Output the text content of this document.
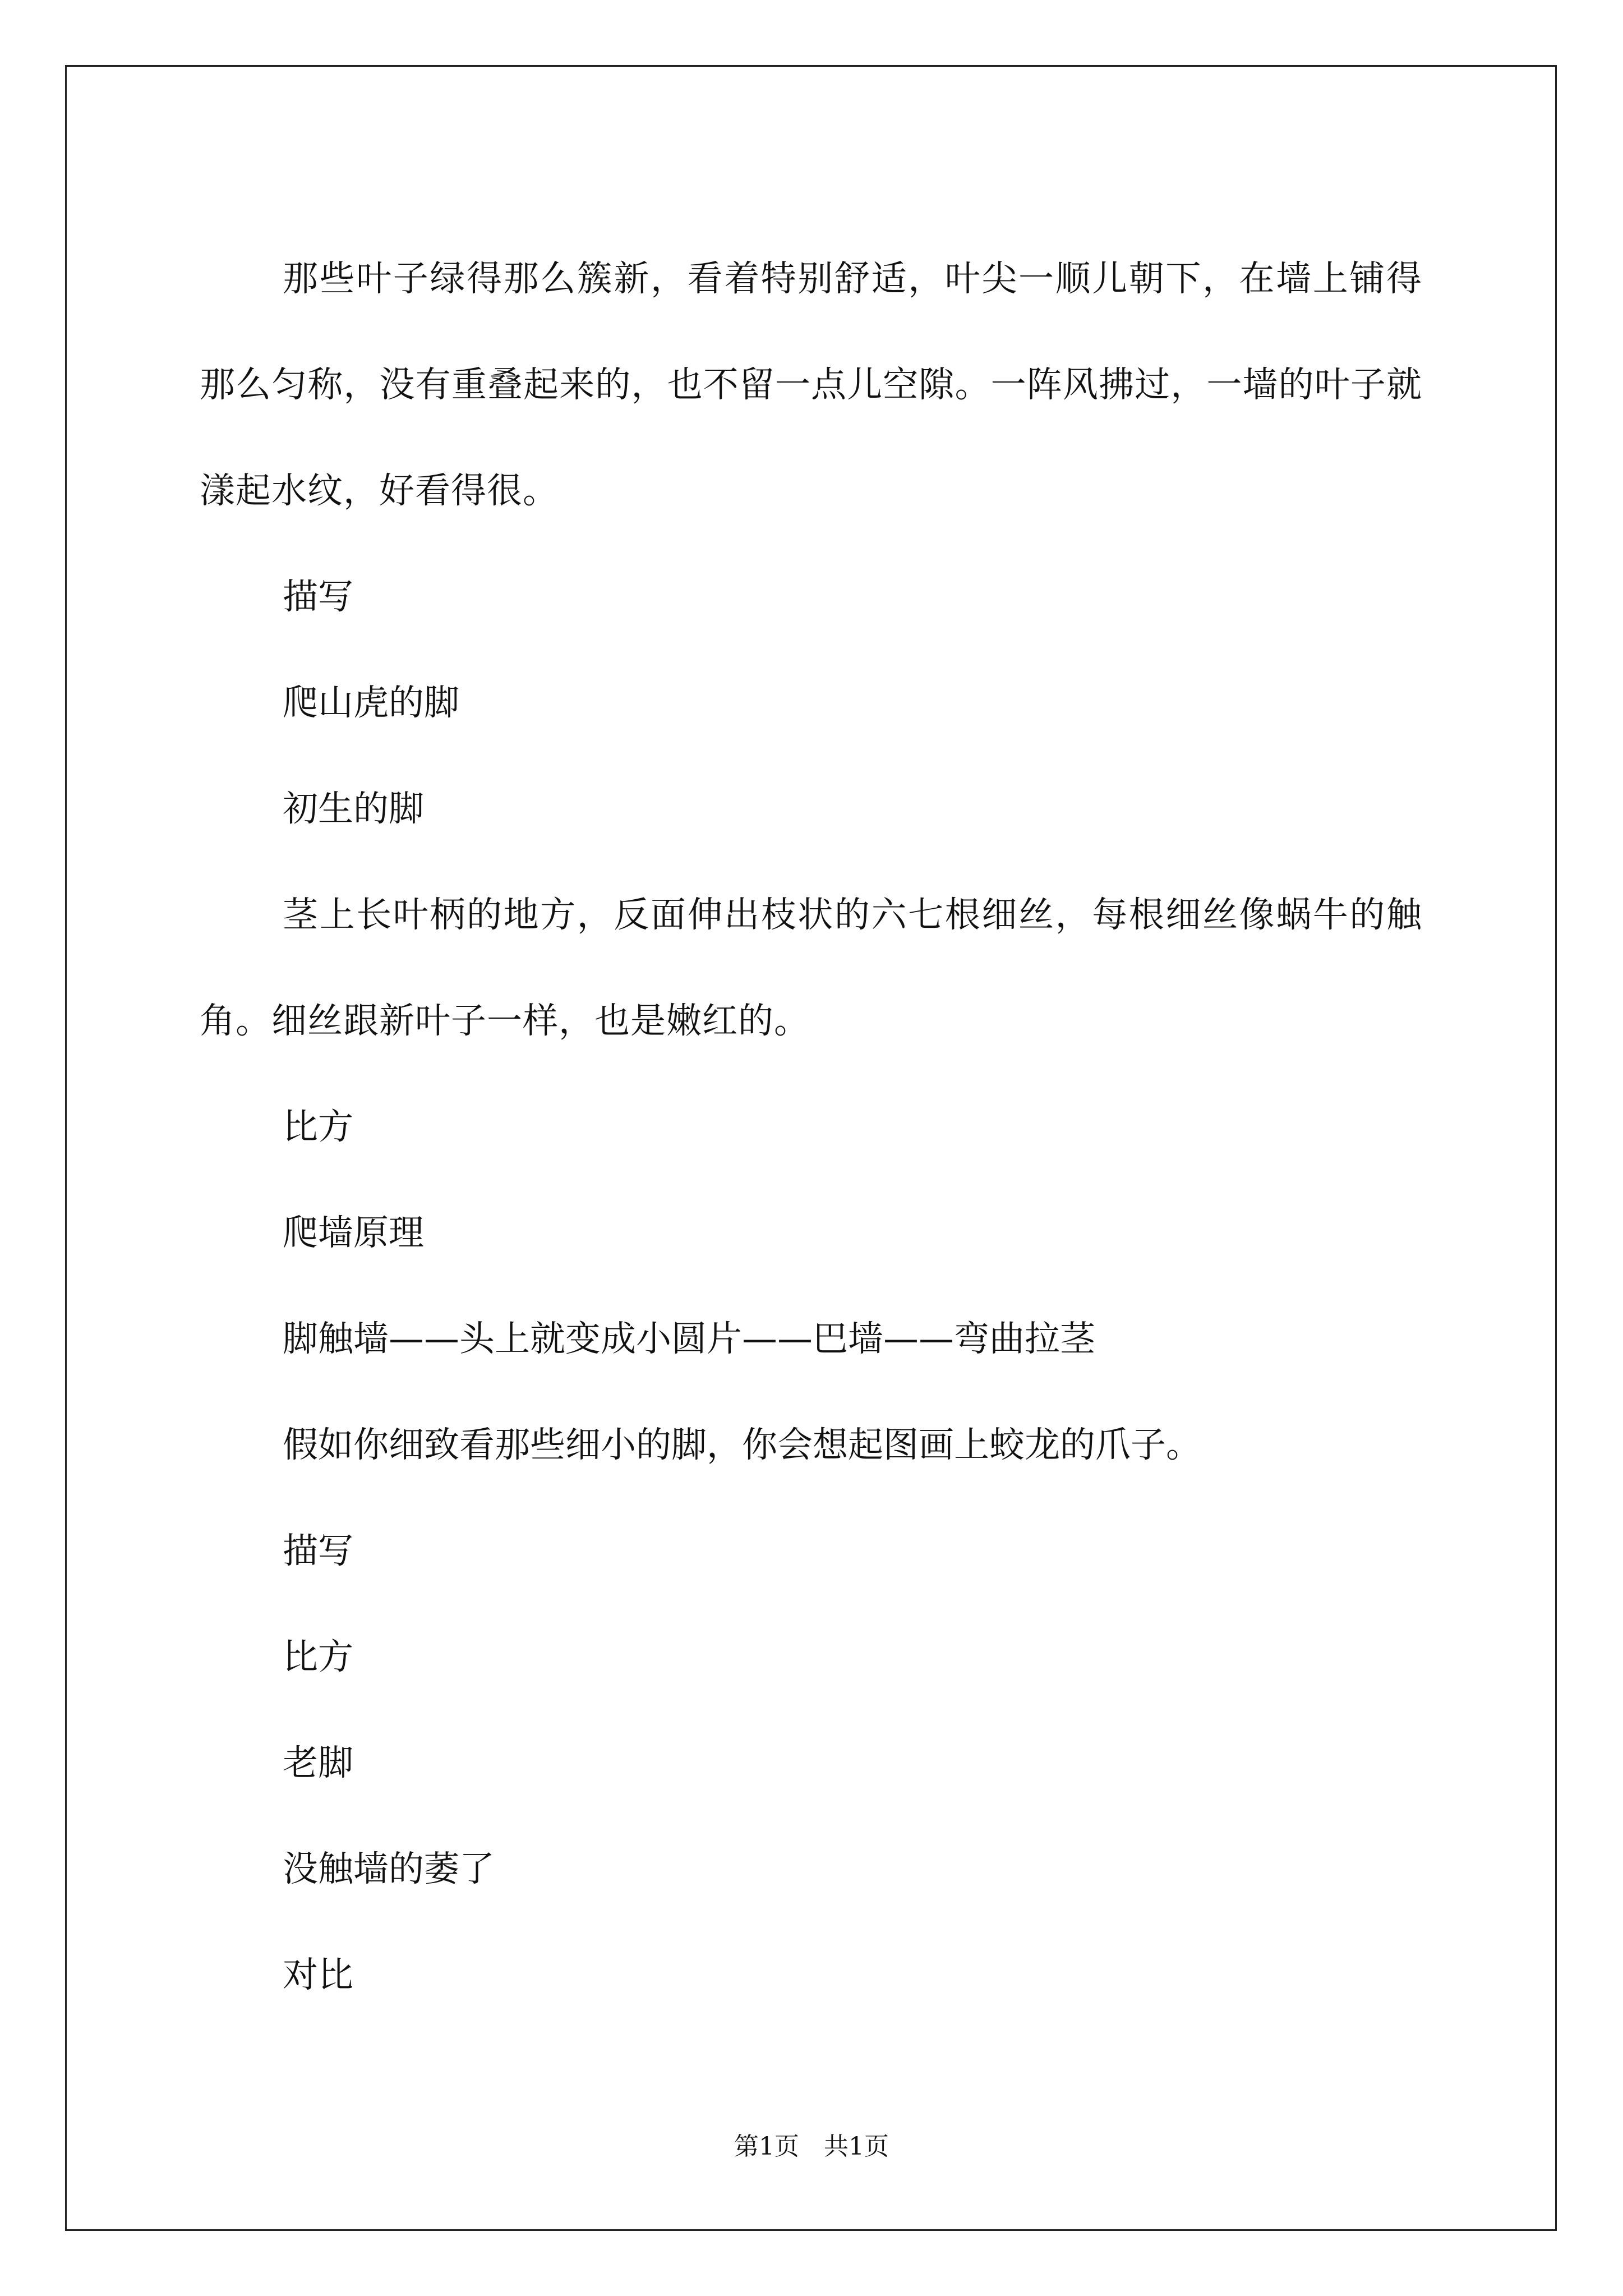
那些叶子绿得那么簇新，看着特别舒适，叶尖一顺儿朝下，在墙上铺得那么匀称，没有重叠起来的，也不留一点儿空隙。一阵风拂过，一墙的叶子就漾起水纹，好看得很。

描写

爬山虎的脚

初生的脚

茎上长叶柄的地方，反面伸出枝状的六七根细丝，每根细丝像蜗牛的触角。细丝跟新叶子一样，也是嫩红的。

比方

爬墙原理

脚触墙——头上就变成小圆片——巴墙——弯曲拉茎

假如你细致看那些细小的脚，你会想起图画上蛟龙的爪子。

描写

比方

老脚

没触墙的萎了

对比

第1页　共1页
